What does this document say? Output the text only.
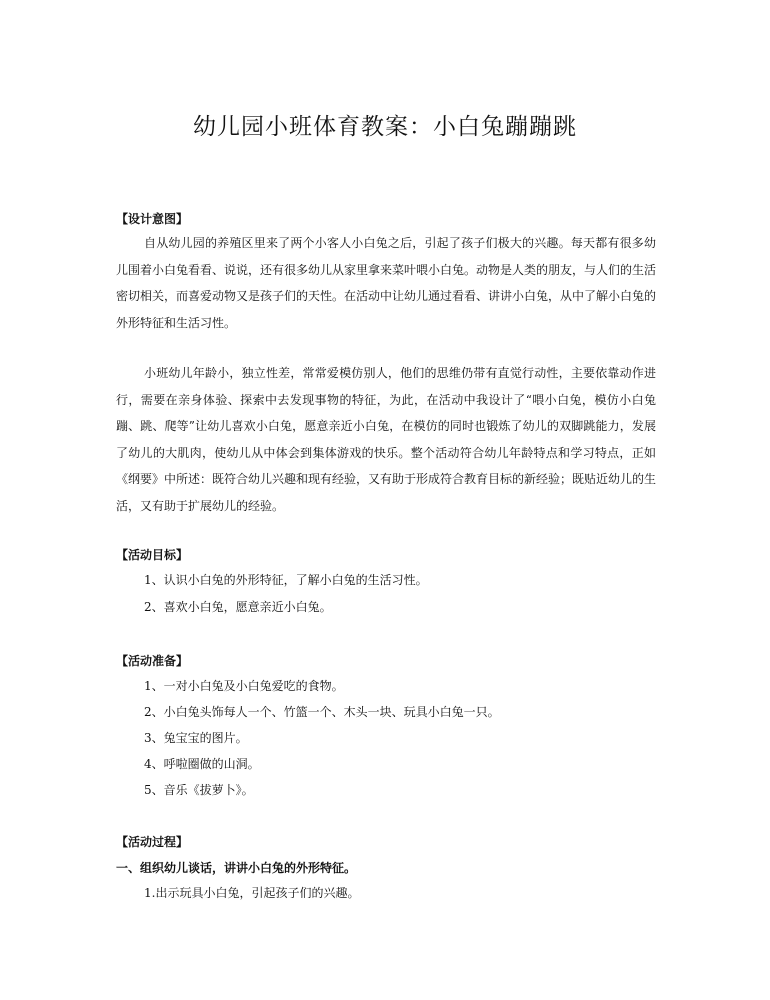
幼儿园小班体育教案：小白兔蹦蹦跳
【设计意图】

自从幼儿园的养殖区里来了两个小客人小白兔之后，引起了孩子们极大的兴趣。每天都有很多幼儿围着小白兔看看、说说，还有很多幼儿从家里拿来菜叶喂小白兔。动物是人类的朋友，与人们的生活密切相关，而喜爱动物又是孩子们的天性。在活动中让幼儿通过看看、讲讲小白兔，从中了解小白兔的外形特征和生活习性。

小班幼儿年龄小，独立性差，常常爱模仿别人，他们的思维仍带有直觉行动性，主要依靠动作进行，需要在亲身体验、探索中去发现事物的特征，为此，在活动中我设计了“喂小白兔，模仿小白兔蹦、跳、爬等”让幼儿喜欢小白兔，愿意亲近小白兔，在模仿的同时也锻炼了幼儿的双脚跳能力，发展了幼儿的大肌肉，使幼儿从中体会到集体游戏的快乐。整个活动符合幼儿年龄特点和学习特点，正如《纲要》中所述：既符合幼儿兴趣和现有经验，又有助于形成符合教育目标的新经验；既贴近幼儿的生活，又有助于扩展幼儿的经验。

【活动目标】
1、认识小白兔的外形特征，了解小白兔的生活习性。
2、喜欢小白兔，愿意亲近小白兔。
【活动准备】
1、一对小白兔及小白兔爱吃的食物。
2、小白兔头饰每人一个、竹篮一个、木头一块、玩具小白兔一只。
3、兔宝宝的图片。
4、呼啦圈做的山洞。
5、音乐《拔萝卜》。
【活动过程】
一、组织幼儿谈话，讲讲小白兔的外形特征。
1.出示玩具小白兔，引起孩子们的兴趣。
